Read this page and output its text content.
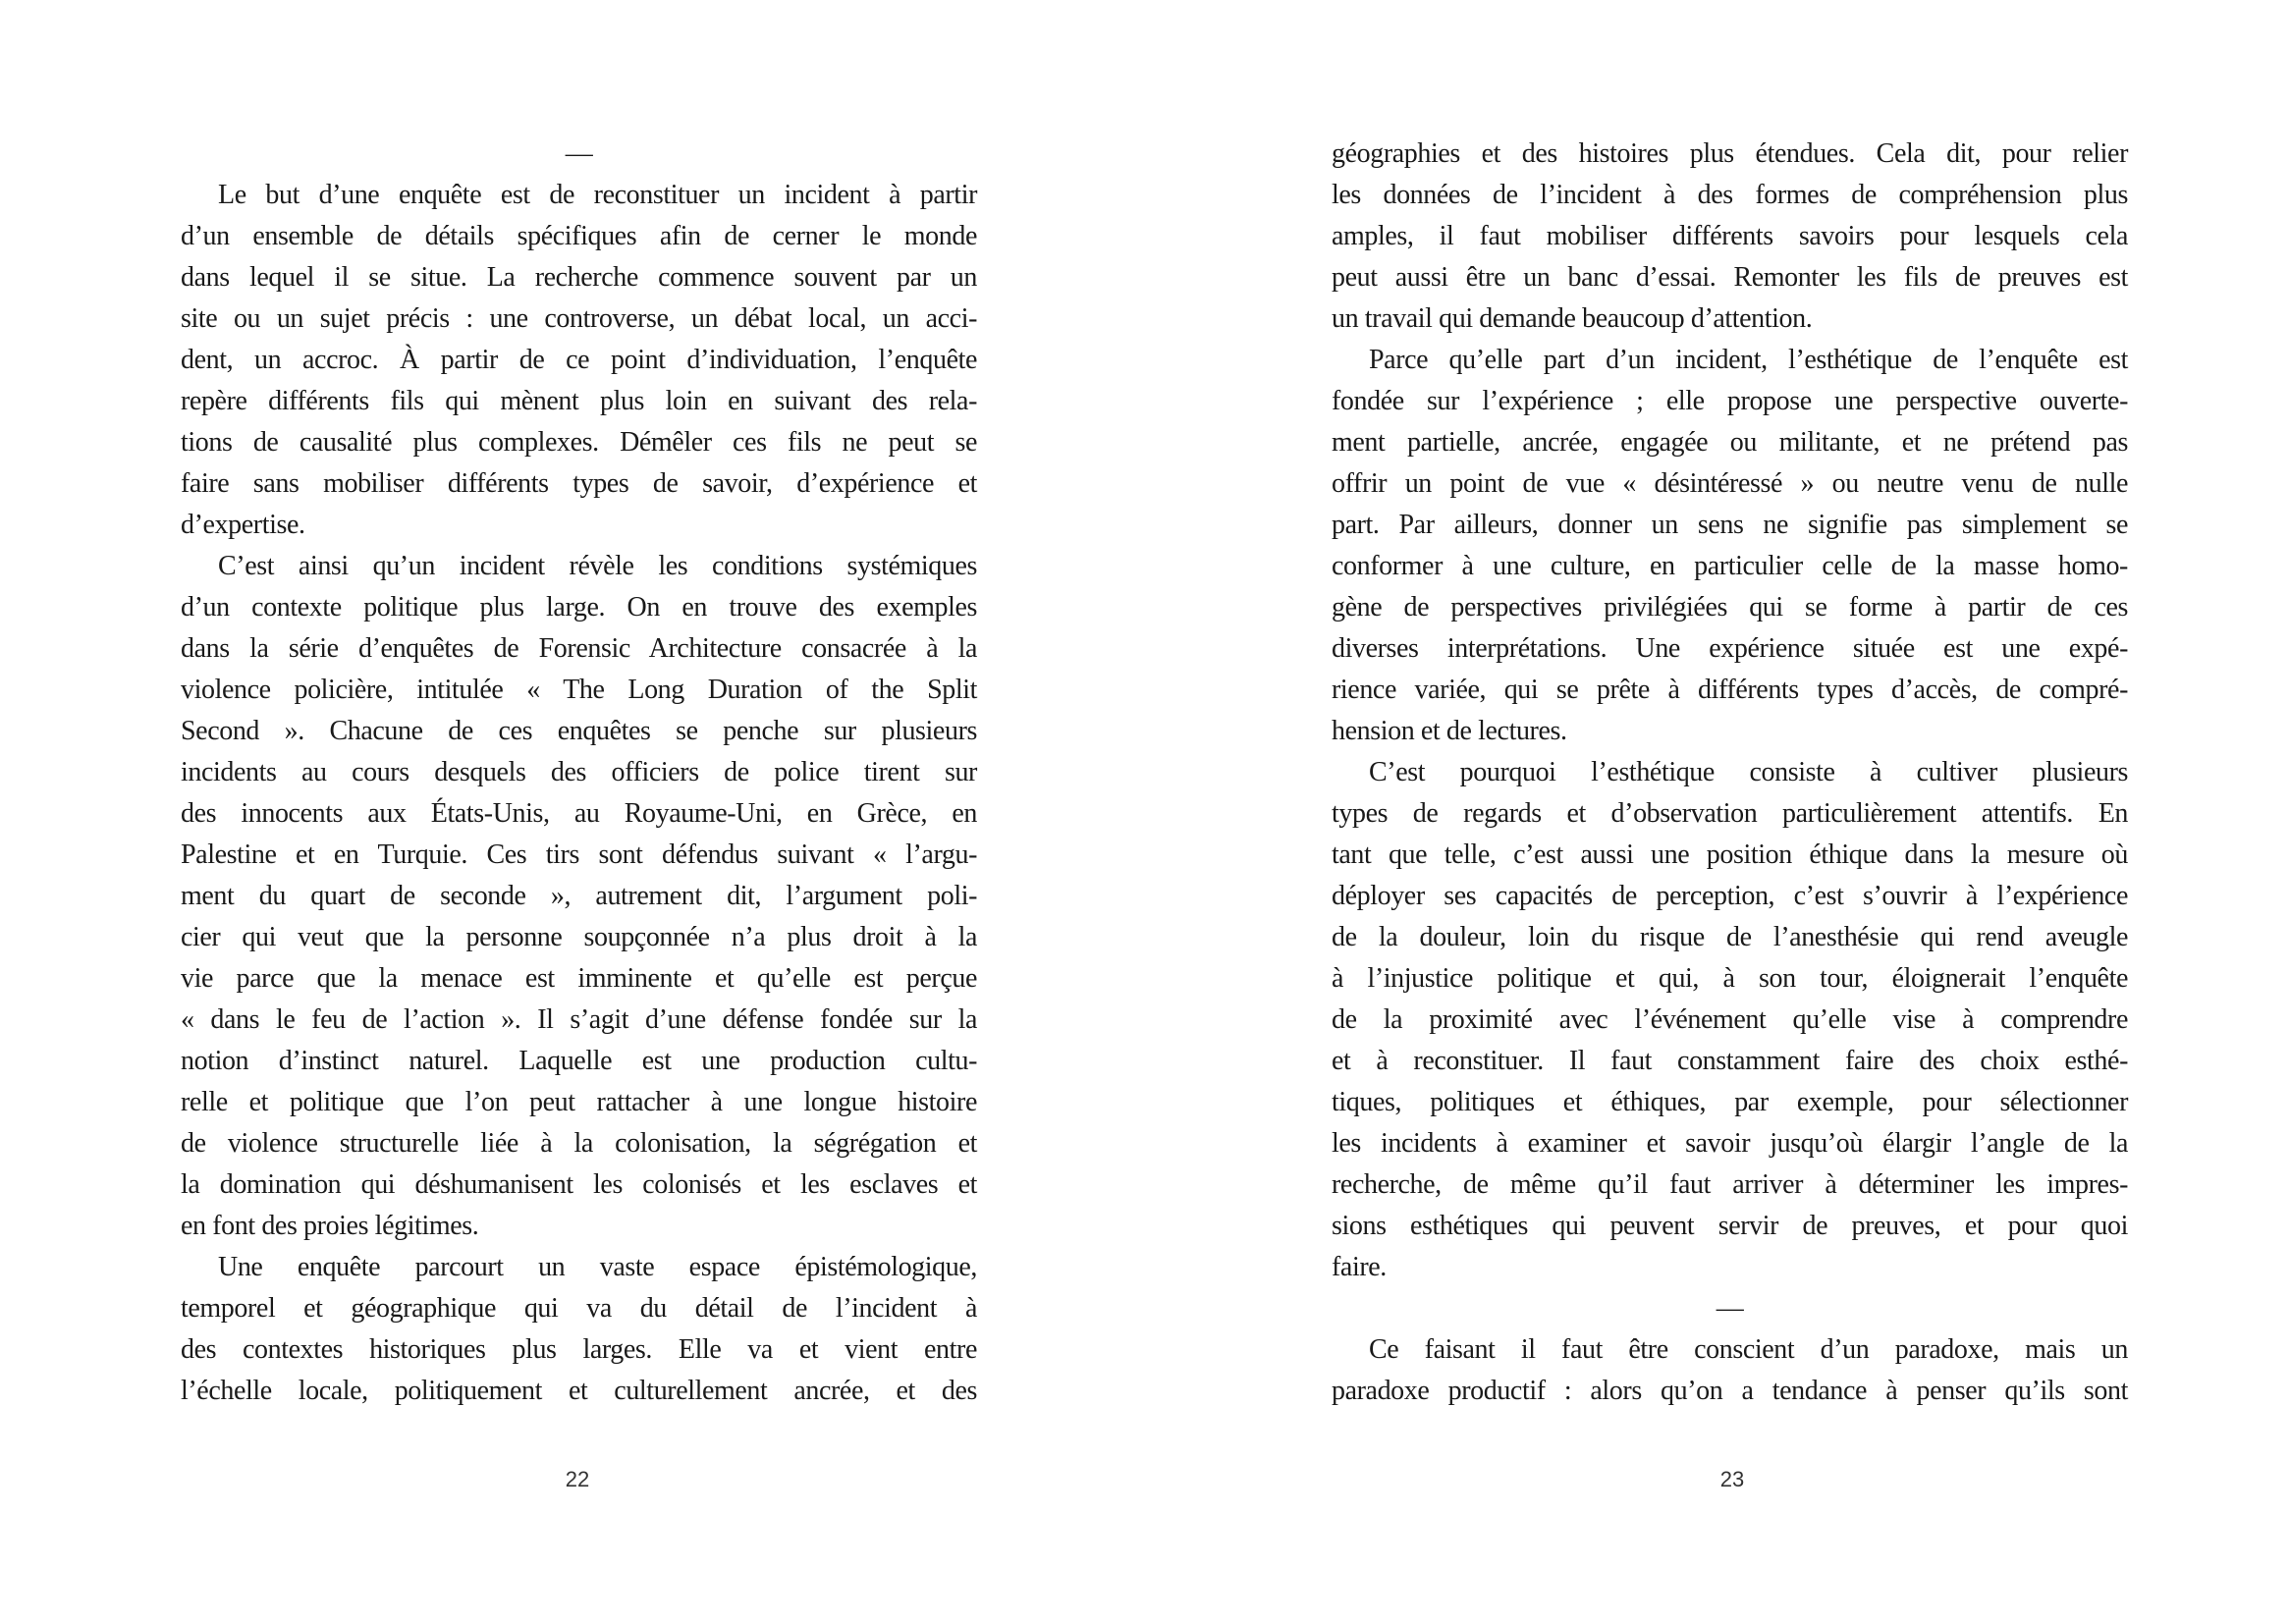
—
Le but d’une enquête est de reconstituer un incident à partir
d’un ensemble de détails spécifiques afin de cerner le monde
dans lequel il se situe. La recherche commence souvent par un
site ou un sujet précis : une controverse, un débat local, un acci-
dent, un accroc. À partir de ce point d’individuation, l’enquête
repère différents fils qui mènent plus loin en suivant des rela-
tions de causalité plus complexes. Démêler ces fils ne peut se
faire sans mobiliser différents types de savoir, d’expérience et
d’expertise.
C’est ainsi qu’un incident révèle les conditions systémiques
d’un contexte politique plus large. On en trouve des exemples
dans la série d’enquêtes de Forensic Architecture consacrée à la
violence policière, intitulée « The Long Duration of the Split
Second ». Chacune de ces enquêtes se penche sur plusieurs
incidents au cours desquels des officiers de police tirent sur
des innocents aux États-Unis, au Royaume-Uni, en Grèce, en
Palestine et en Turquie. Ces tirs sont défendus suivant « l’argu-
ment du quart de seconde », autrement dit, l’argument poli-
cier qui veut que la personne soupçonnée n’a plus droit à la
vie parce que la menace est imminente et qu’elle est perçue
« dans le feu de l’action ». Il s’agit d’une défense fondée sur la
notion d’instinct naturel. Laquelle est une production cultu-
relle et politique que l’on peut rattacher à une longue histoire
de violence structurelle liée à la colonisation, la ségrégation et
la domination qui déshumanisent les colonisés et les esclaves et
en font des proies légitimes.
Une enquête parcourt un vaste espace épistémologique,
temporel et géographique qui va du détail de l’incident à
des contextes historiques plus larges. Elle va et vient entre
l’échelle locale, politiquement et culturellement ancrée, et des
géographies et des histoires plus étendues. Cela dit, pour relier
les données de l’incident à des formes de compréhension plus
amples, il faut mobiliser différents savoirs pour lesquels cela
peut aussi être un banc d’essai. Remonter les fils de preuves est
un travail qui demande beaucoup d’attention.
Parce qu’elle part d’un incident, l’esthétique de l’enquête est
fondée sur l’expérience ; elle propose une perspective ouverte-
ment partielle, ancrée, engagée ou militante, et ne prétend pas
offrir un point de vue « désintéressé » ou neutre venu de nulle
part. Par ailleurs, donner un sens ne signifie pas simplement se
conformer à une culture, en particulier celle de la masse homo-
gène de perspectives privilégiées qui se forme à partir de ces
diverses interprétations. Une expérience située est une expé-
rience variée, qui se prête à différents types d’accès, de compré-
hension et de lectures.
C’est pourquoi l’esthétique consiste à cultiver plusieurs
types de regards et d’observation particulièrement attentifs. En
tant que telle, c’est aussi une position éthique dans la mesure où
déployer ses capacités de perception, c’est s’ouvrir à l’expérience
de la douleur, loin du risque de l’anesthésie qui rend aveugle
à l’injustice politique et qui, à son tour, éloignerait l’enquête
de la proximité avec l’événement qu’elle vise à comprendre
et à reconstituer. Il faut constamment faire des choix esthé-
tiques, politiques et éthiques, par exemple, pour sélectionner
les incidents à examiner et savoir jusqu’où élargir l’angle de la
recherche, de même qu’il faut arriver à déterminer les impres-
sions esthétiques qui peuvent servir de preuves, et pour quoi
faire.
—
Ce faisant il faut être conscient d’un paradoxe, mais un
paradoxe productif : alors qu’on a tendance à penser qu’ils sont
22	23
